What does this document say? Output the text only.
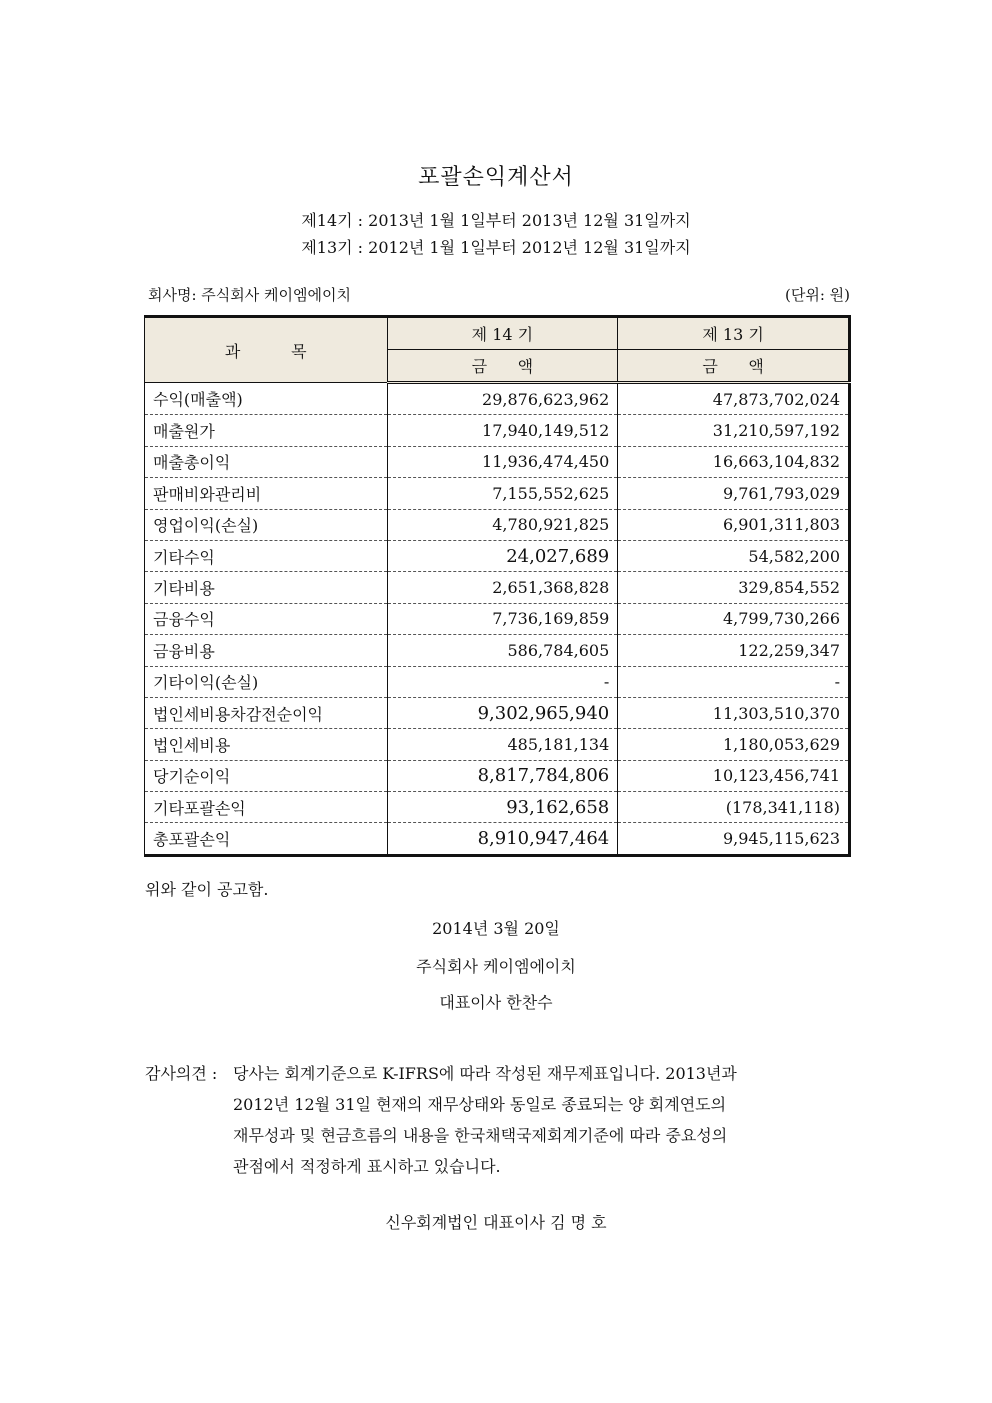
포괄손익계산서
제14기 : 2013년 1월 1일부터 2013년 12월 31일까지
제13기 : 2012년 1월 1일부터 2012년 12월 31일까지
회사명: 주식회사 케이엠에이치	(단위: 원)
과          목	제 14 기	제 13 기
	금      액	금      액
수익(매출액)	29,876,623,962	47,873,702,024
매출원가	17,940,149,512	31,210,597,192
매출총이익	11,936,474,450	16,663,104,832
판매비와관리비	7,155,552,625	9,761,793,029
영업이익(손실)	4,780,921,825	6,901,311,803
기타수익	24,027,689	54,582,200
기타비용	2,651,368,828	329,854,552
금융수익	7,736,169,859	4,799,730,266
금융비용	586,784,605	122,259,347
기타이익(손실)	-	-
법인세비용차감전순이익	9,302,965,940	11,303,510,370
법인세비용	485,181,134	1,180,053,629
당기순이익	8,817,784,806	10,123,456,741
기타포괄손익	93,162,658	(178,341,118)
총포괄손익	8,910,947,464	9,945,115,623
위와 같이 공고함.
2014년 3월 20일
주식회사 케이엠에이치
대표이사 한찬수
감사의견 : 당사는 회계기준으로 K-IFRS에 따라 작성된 재무제표입니다. 2013년과
2012년 12월 31일 현재의 재무상태와 동일로 종료되는 양 회계연도의
재무성과 및 현금흐름의 내용을 한국채택국제회계기준에 따라 중요성의
관점에서 적정하게 표시하고 있습니다.
신우회계법인 대표이사 김 명 호
